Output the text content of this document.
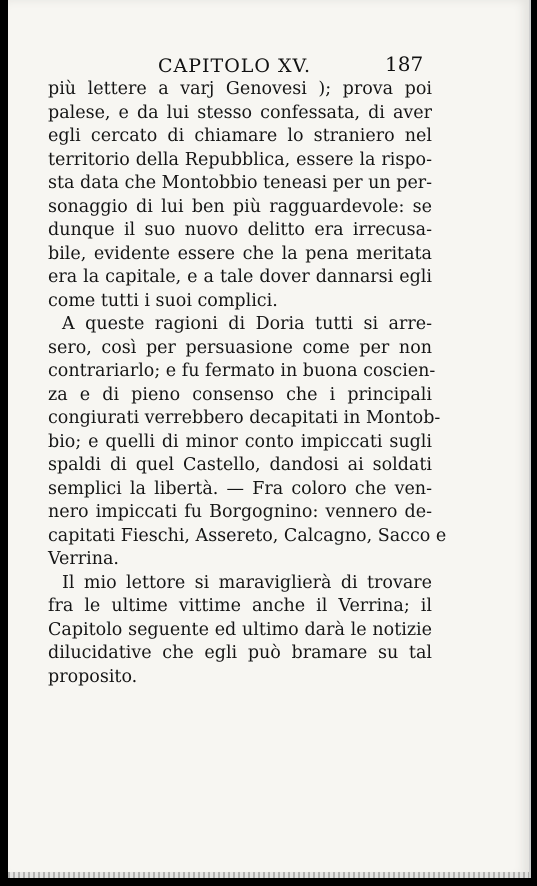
CAPITOLO XV.	187
più lettere a varj Genovesi ); prova poi
palese, e da lui stesso confessata, di aver
egli cercato di chiamare lo straniero nel
territorio della Repubblica, essere la rispo-
sta data che Montobbio teneasi per un per-
sonaggio di lui ben più ragguardevole: se
dunque il suo nuovo delitto era irrecusa-
bile, evidente essere che la pena meritata
era la capitale, e a tale dover dannarsi egli
come tutti i suoi complici.
A queste ragioni di Doria tutti si arre-
sero, così per persuasione come per non
contrariarlo; e fu fermato in buona coscien-
za e di pieno consenso che i principali
congiurati verrebbero decapitati in Montob-
bio; e quelli di minor conto impiccati sugli
spaldi di quel Castello, dandosi ai soldati
semplici la libertà. — Fra coloro che ven-
nero impiccati fu Borgognino: vennero de-
capitati Fieschi, Assereto, Calcagno, Sacco e
Verrina.
Il mio lettore si maraviglierà di trovare
fra le ultime vittime anche il Verrina; il
Capitolo seguente ed ultimo darà le notizie
dilucidative che egli può bramare su tal
proposito.
